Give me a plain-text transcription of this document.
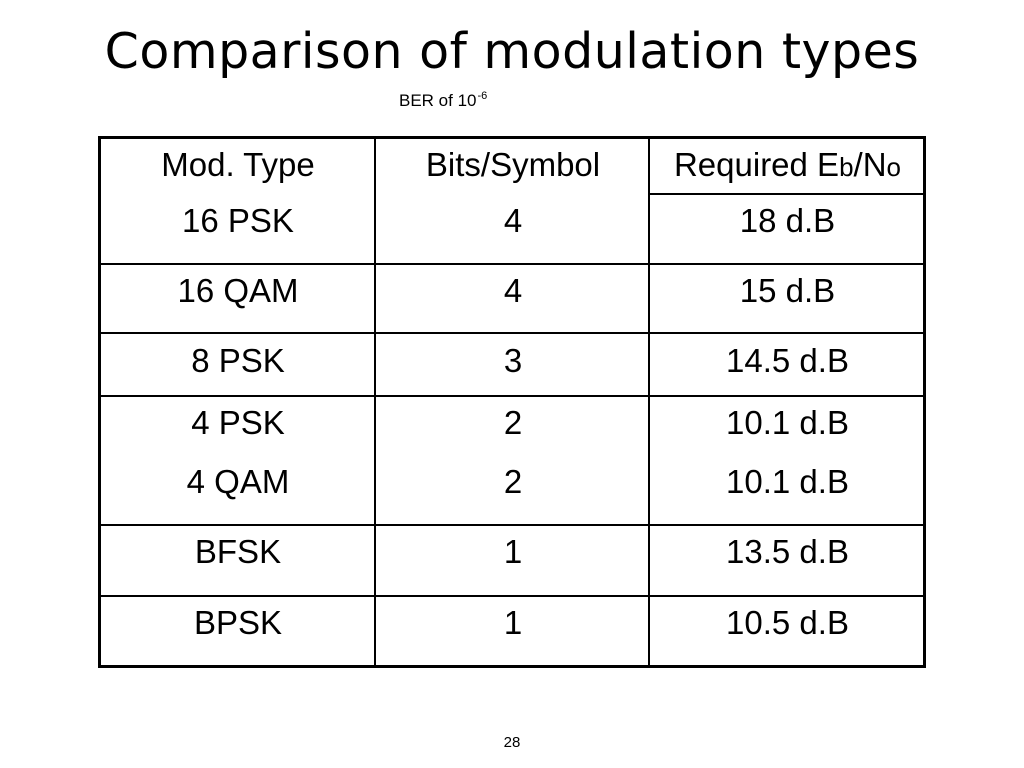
Comparison of modulation types
BER of $10^{-6}$
Mod. Type	Bits/Symbol	Required Eb/No
16 PSK	4	18 d.B
16 QAM	4	15 d.B
8 PSK	3	14.5 d.B
4 PSK	2	10.1 d.B
4 QAM	2	10.1 d.B
BFSK	1	13.5 d.B
BPSK	1	10.5 d.B
28
